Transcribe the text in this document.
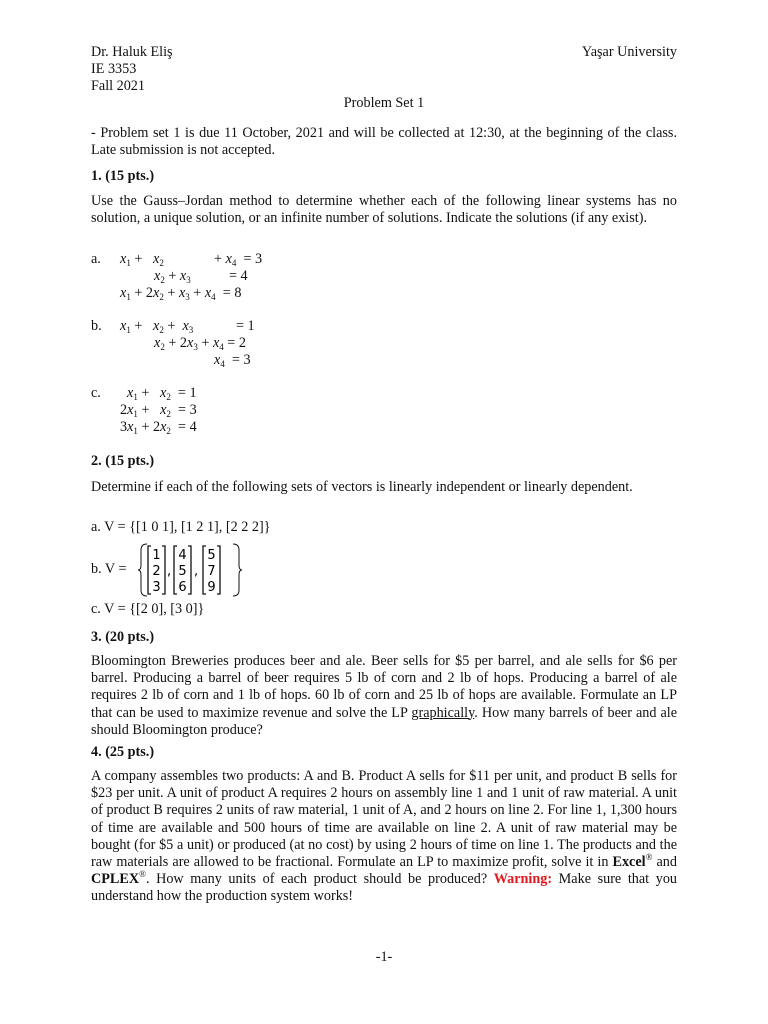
Dr. Haluk Eliş	Yaşar University
IE 3353
Fall 2021
Problem Set 1
- Problem set 1 is due 11 October, 2021 and will be collected at 12:30, at the beginning of the class. Late submission is not accepted.
1. (15 pts.)
Use the Gauss–Jordan method to determine whether each of the following linear systems has no solution, a unique solution, or an infinite number of solutions. Indicate the solutions (if any exist).
a. $x_1 + x_2$	+ $x_4 = 3$
$x_2 + x_3$	= 4
$x_1 + 2x_2 + x_3 + x_4 = 8$
b. $x_1 + x_2 + x_3$	= 1
$x_2 + 2x_3 + x_4 = 2$
$x_4 = 3$
c. $x_1 + x_2 = 1$
$2x_1 + x_2 = 3$
$3x_1 + 2x_2 = 4$
2. (15 pts.)
Determine if each of the following sets of vectors is linearly independent or linearly dependent.
a. V = {[1 0 1], [1 2 1], [2 2 2]}
b. V =	, ,
1
2
3
4
5
6
5
7
9
c. V = {[2 0], [3 0]}
3. (20 pts.)
Bloomington Breweries produces beer and ale. Beer sells for $5 per barrel, and ale sells for $6 per barrel. Producing a barrel of beer requires 5 lb of corn and 2 lb of hops. Producing a barrel of ale requires 2 lb of corn and 1 lb of hops. 60 lb of corn and 25 lb of hops are available. Formulate an LP that can be used to maximize revenue and solve the LP graphically. How many barrels of beer and ale should Bloomington produce?
4. (25 pts.)
A company assembles two products: A and B. Product A sells for $11 per unit, and product B sells for $23 per unit. A unit of product A requires 2 hours on assembly line 1 and 1 unit of raw material. A unit of product B requires 2 units of raw material, 1 unit of A, and 2 hours on line 2. For line 1, 1,300 hours of time are available and 500 hours of time are available on line 2. A unit of raw material may be bought (for $5 a unit) or produced (at no cost) by using 2 hours of time on line 1. The products and the raw materials are allowed to be fractional. Formulate an LP to maximize profit, solve it in Excel® and CPLEX®. How many units of each product should be produced? Warning: Make sure that you understand how the production system works!
-1-
